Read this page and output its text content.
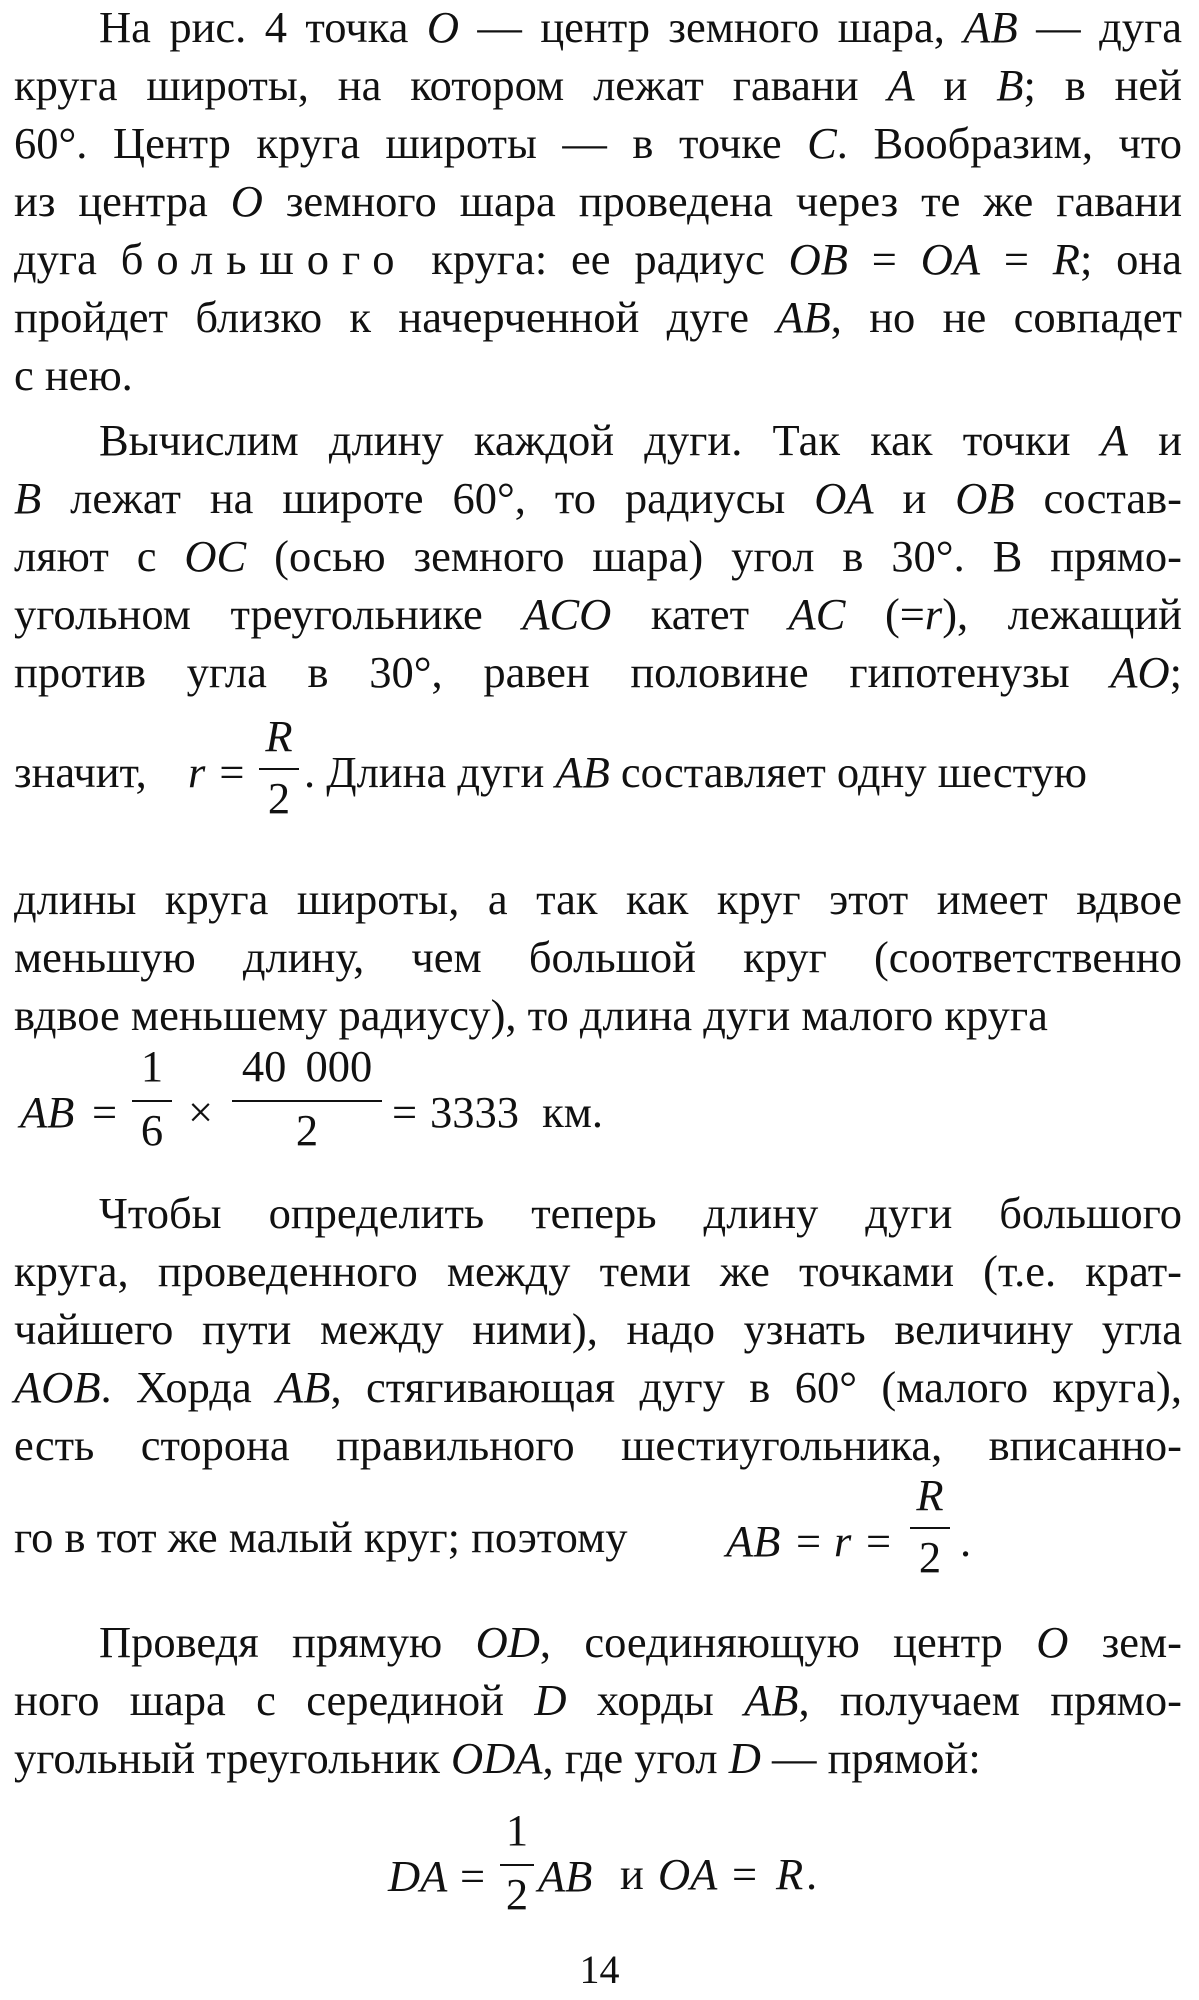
На рис. 4 точка O — центр земного шара, AB — дуга
круга широты, на котором лежат гавани A и B; в ней
60°. Центр круга широты — в точке C. Вообразим, что
из центра O земного шара проведена через те же гавани
дуга большого круга: ее радиус OB = OA = R; она
пройдет близко к начерченной дуге AB, но не совпадет
с нею.
Вычислим длину каждой дуги. Так как точки A и
B лежат на широте 60°, то радиусы OA и OB состав-
ляют с OC (осью земного шара) угол в 30°. В прямо-
угольном треугольнике ACO катет AC (=r), лежащий
против угла в 30°, равен половине гипотенузы AO;
значит, r =
R
2
. Длина дуги AB составляет одну шестую
длины круга широты, а так как круг этот имеет вдвое
меньшую длину, чем большой круг (соответственно
вдвое меньшему радиусу), то длина дуги малого круга
AB =
1
6 ×
40 000
2	= 3333 км.
Чтобы определить теперь длину дуги большого
круга, проведенного между теми же точками (т.е. крат-
чайшего пути между ними), надо узнать величину угла
AOB. Хорда AB, стягивающая дугу в 60° (малого круга),
есть сторона правильного шестиугольника, вписанно-
го в тот же малый круг; поэтому AB = r =
R
2 .
Проведя прямую OD, соединяющую центр O зем-
ного шара с серединой D хорды AB, получаем прямо-
угольный треугольник ODA, где угол D — прямой:
DA =
1
2 AB и OA = R .
14
